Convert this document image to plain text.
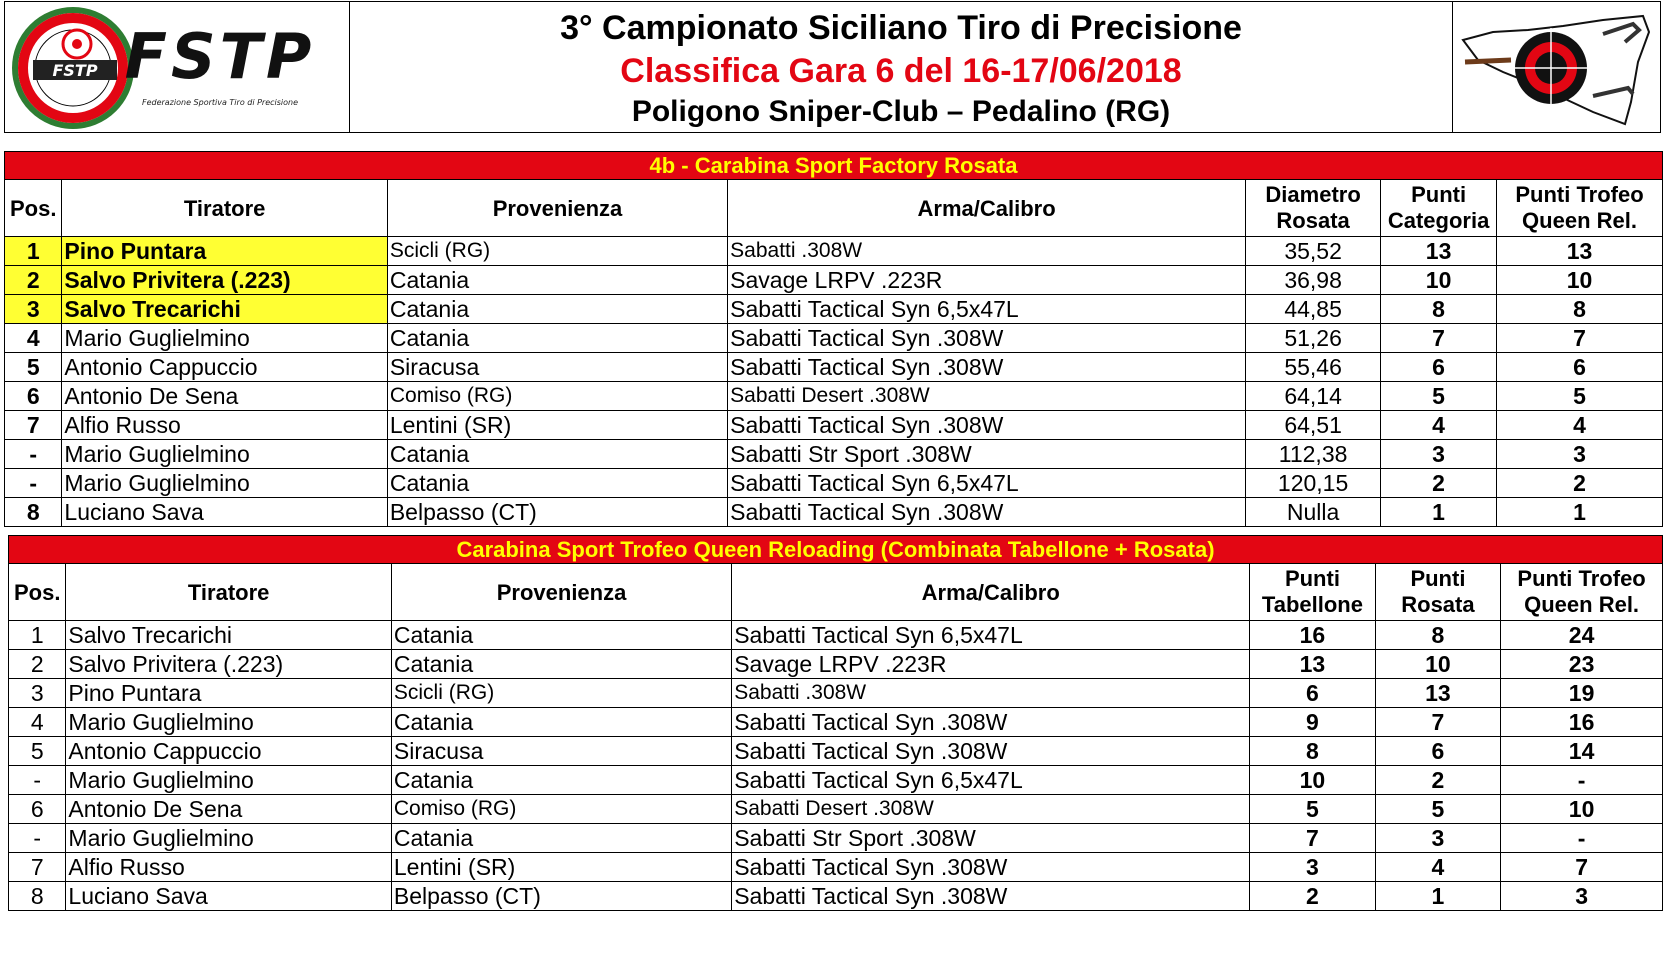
FSTP FSTP
Federazione Sportiva Tiro di Precisione
3° Campionato Siciliano Tiro di Precisione
Classifica Gara 6 del 16-17/06/2018
Poligono Sniper-Club – Pedalino (RG)
4b - Carabina Sport Factory Rosata						
Pos.	Tiratore	Provenienza	Arma/Calibro	Diametro Rosata	Punti Categoria	Punti Trofeo Queen Rel.
1	Pino Puntara	Scicli (RG)	Sabatti .308W	35,52	13	13
2	Salvo Privitera (.223)	Catania	Savage LRPV .223R	36,98	10	10
3	Salvo Trecarichi	Catania	Sabatti Tactical Syn 6,5x47L	44,85	8	8
4	Mario Guglielmino	Catania	Sabatti Tactical Syn .308W	51,26	7	7
5	Antonio Cappuccio	Siracusa	Sabatti Tactical Syn .308W	55,46	6	6
6	Antonio De Sena	Comiso (RG)	Sabatti Desert .308W	64,14	5	5
7	Alfio Russo	Lentini (SR)	Sabatti Tactical Syn .308W	64,51	4	4
-	Mario Guglielmino	Catania	Sabatti Str Sport .308W	112,38	3	3
-	Mario Guglielmino	Catania	Sabatti Tactical Syn 6,5x47L	120,15	2	2
8	Luciano Sava	Belpasso (CT)	Sabatti Tactical Syn .308W	Nulla	1	1
Carabina Sport Trofeo Queen Reloading (Combinata Tabellone + Rosata)						
Pos.	Tiratore	Provenienza	Arma/Calibro	Punti Tabellone	Punti Rosata	Punti Trofeo Queen Rel.
1	Salvo Trecarichi	Catania	Sabatti Tactical Syn 6,5x47L	16	8	24
2	Salvo Privitera (.223)	Catania	Savage LRPV .223R	13	10	23
3	Pino Puntara	Scicli (RG)	Sabatti .308W	6	13	19
4	Mario Guglielmino	Catania	Sabatti Tactical Syn .308W	9	7	16
5	Antonio Cappuccio	Siracusa	Sabatti Tactical Syn .308W	8	6	14
-	Mario Guglielmino	Catania	Sabatti Tactical Syn 6,5x47L	10	2	-
6	Antonio De Sena	Comiso (RG)	Sabatti Desert .308W	5	5	10
-	Mario Guglielmino	Catania	Sabatti Str Sport .308W	7	3	-
7	Alfio Russo	Lentini (SR)	Sabatti Tactical Syn .308W	3	4	7
8	Luciano Sava	Belpasso (CT)	Sabatti Tactical Syn .308W	2	1	3
